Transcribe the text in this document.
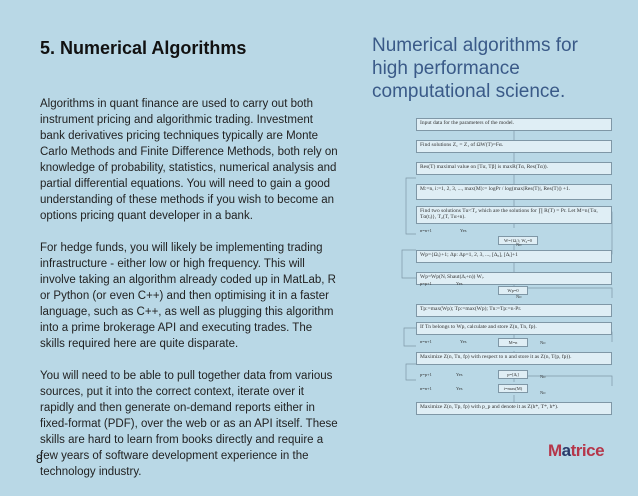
5. Numerical Algorithms

Algorithms in quant finance are used to carry out both instrument pricing and algorithmic trading. Investment bank derivatives pricing techniques typically are Monte Carlo Methods and Finite Difference Methods, both rely on knowledge of probability, statistics, numerical analysis and partial differential equations. You will need to gain a good understanding of these methods if you wish to become an options pricing quant developer in a bank.

For hedge funds, you will likely be implementing trading infrastructure - either low or high frequency. This will involve taking an algorithm already coded up in MatLab, R or Python (or even C++) and then optimising it in a faster language, such as C++, as well as plugging this algorithm into a prime brokerage API and executing trades. The skills required here are quite disparate.

You will need to be able to pull together data from various sources, put it into the correct context, iterate over it rapidly and then generate on-demand reports either in fixed-format (PDF), over the web or as an API itself. These skills are hard to learn from books directly and require a few years of software development experience in the technology industry.

Numerical algorithms for high performance computational science.
Input data for the parameters of the model.
Find solutions Z₁ = Z₁ of ΩW(T)=Fα.
Res(T) maximal value on [Tα, Tβ] is maxR(Tα, Res(Tα)).
M:=n, i:=1, 2, 3, ..., max(M):= logPr / log(max|Res(T)|, Res(T)|) +1.
Find two solutions Tα<T₂ which are the solutions for ∏ R(T) = Pr. Let M=n{Tα, Tα(tᵢ)}, T₂(T, Tα+n).
W={Ωᵢ}; W₀=0
Wp={Ωᵢ}+1; Δp: Δp=1, 2, 3, ..., [Δ₀], [Δᵢ]+1
Wp=Wp(Nᵢ Shaut(Δᵢ+n)) Wᵢ.
Wp=0
Tp:=max(Wp); Tp:=max(Wp); Tn:=Tp:=n·Pr.
If Tn belongs to Wp, calculate and store Z(n, Tn, fp).
M=n
Maximize Z(n, Tn, fp) with respect to n and store it as Z(n, T(p, fp)).
p=[Δᵢ]
i=max(M)
Maximize Z(n, Tp, fp) with p_p and denote it as Z(h*, T*, h*).
n=n+1	Yes
No
p=p+1	Yes
No
n=n+1	Yes	No
p=p+1	Yes	No
n=n+1	Yes
No
8	Matrice
